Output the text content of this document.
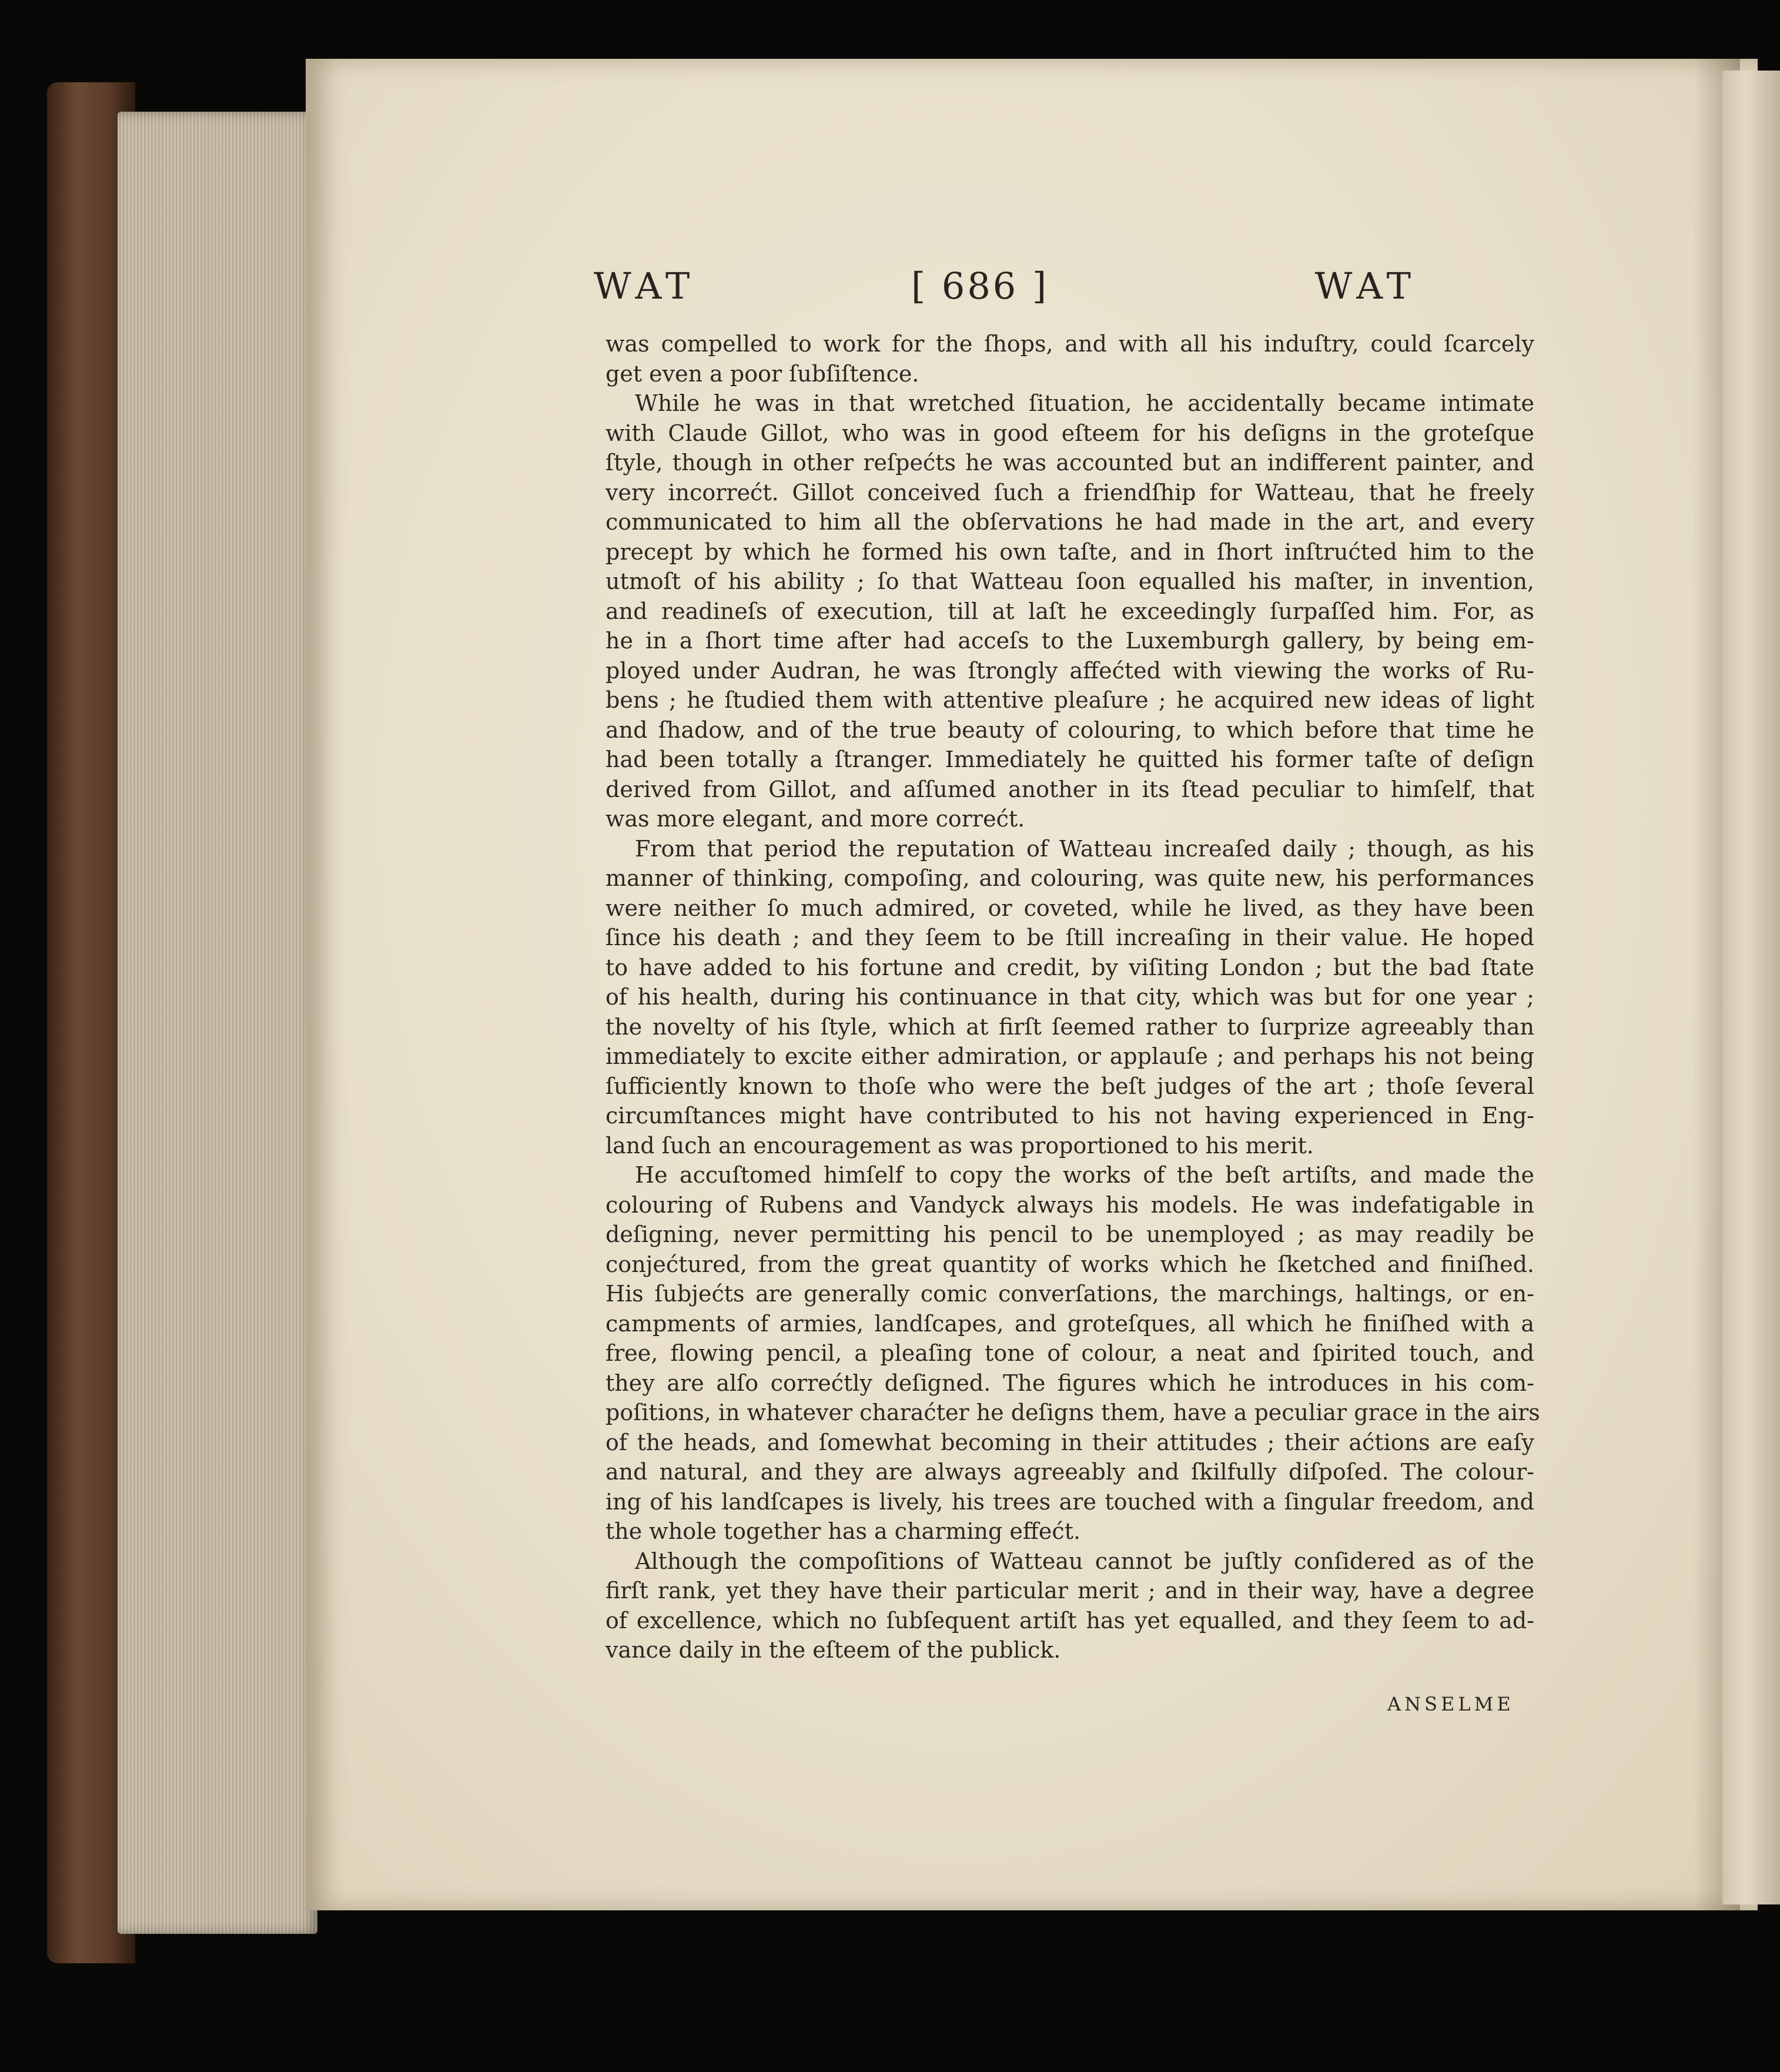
WAT	[ 686 ]	WAT
was compelled to work for the ſhops, and with all his induſtry, could ſcarcely
get even a poor ſubſiſtence.
While he was in that wretched ſituation, he accidentally became intimate
with Claude Gillot, who was in good eſteem for his deſigns in the groteſque
ſtyle, though in other reſpećts he was accounted but an indifferent painter, and
very incorrećt. Gillot conceived ſuch a friendſhip for Watteau, that he freely
communicated to him all the obſervations he had made in the art, and every
precept by which he formed his own taſte, and in ſhort inſtrućted him to the
utmoſt of his ability ; ſo that Watteau ſoon equalled his maſter, in invention,
and readineſs of execution, till at laſt he exceedingly ſurpaſſed him. For, as
he in a ſhort time after had acceſs to the Luxemburgh gallery, by being em-
ployed under Audran, he was ſtrongly affećted with viewing the works of Ru-
bens ; he ſtudied them with attentive pleaſure ; he acquired new ideas of light
and ſhadow, and of the true beauty of colouring, to which before that time he
had been totally a ſtranger. Immediately he quitted his former taſte of deſign
derived from Gillot, and aſſumed another in its ſtead peculiar to himſelf, that
was more elegant, and more correćt.
From that period the reputation of Watteau increaſed daily ; though, as his
manner of thinking, compoſing, and colouring, was quite new, his performances
were neither ſo much admired, or coveted, while he lived, as they have been
ſince his death ; and they ſeem to be ſtill increaſing in their value. He hoped
to have added to his fortune and credit, by viſiting London ; but the bad ſtate
of his health, during his continuance in that city, which was but for one year ;
the novelty of his ſtyle, which at firſt ſeemed rather to ſurprize agreeably than
immediately to excite either admiration, or applauſe ; and perhaps his not being
ſufficiently known to thoſe who were the beſt judges of the art ; thoſe ſeveral
circumſtances might have contributed to his not having experienced in Eng-
land ſuch an encouragement as was proportioned to his merit.
He accuſtomed himſelf to copy the works of the beſt artiſts, and made the
colouring of Rubens and Vandyck always his models. He was indefatigable in
deſigning, never permitting his pencil to be unemployed ; as may readily be
conjećtured, from the great quantity of works which he ſketched and finiſhed.
His ſubjećts are generally comic converſations, the marchings, haltings, or en-
campments of armies, landſcapes, and groteſques, all which he finiſhed with a
free, flowing pencil, a pleaſing tone of colour, a neat and ſpirited touch, and
they are alſo correćtly deſigned. The figures which he introduces in his com-
poſitions, in whatever charaćter he deſigns them, have a peculiar grace in the airs
of the heads, and ſomewhat becoming in their attitudes ; their aćtions are eaſy
and natural, and they are always agreeably and ſkilfully diſpoſed. The colour-
ing of his landſcapes is lively, his trees are touched with a ſingular freedom, and
the whole together has a charming effećt.
Although the compoſitions of Watteau cannot be juſtly conſidered as of the
firſt rank, yet they have their particular merit ; and in their way, have a degree
of excellence, which no ſubſequent artiſt has yet equalled, and they ſeem to ad-
vance daily in the eſteem of the publick.
ANSELME
